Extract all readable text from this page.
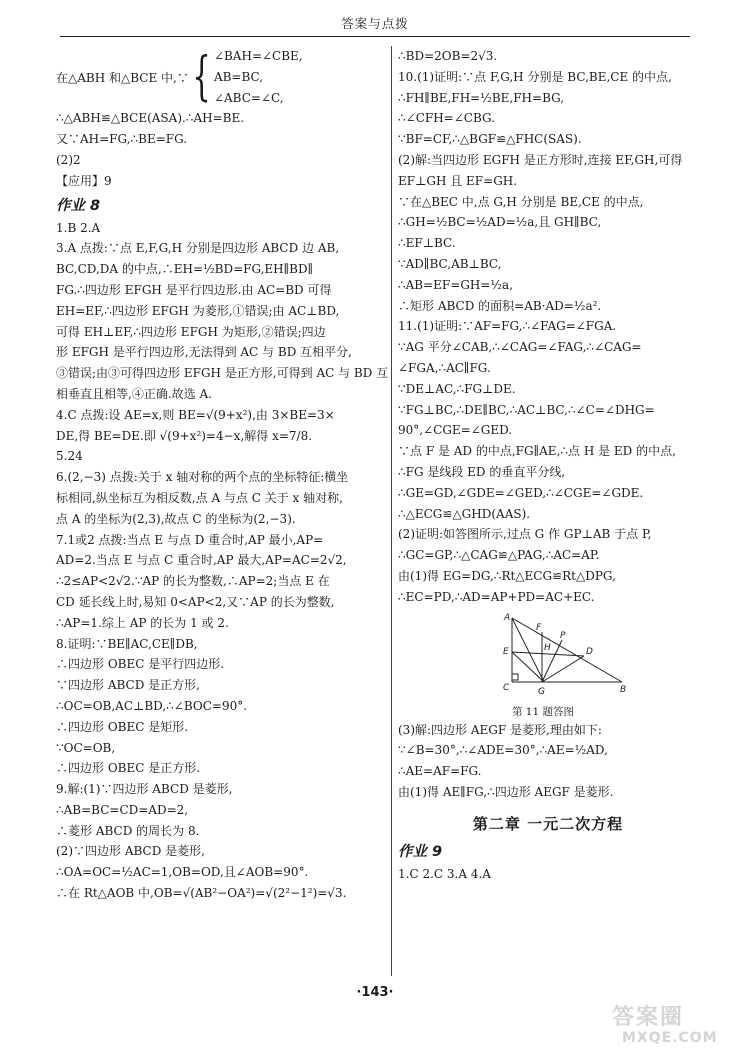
答案与点拨
在△ABH 和△BCE 中,∵ { ∠BAH=∠CBE,
AB=BC,
∠ABC=∠C,
∴△ABH≌△BCE(ASA).∴AH=BE.
又∵AH=FG,∴BE=FG.
(2)2
【应用】9
作业 8
1.B 2.A
3.A 点拨:∵点 E,F,G,H 分别是四边形 ABCD 边 AB,
BC,CD,DA 的中点,∴EH=½BD=FG,EH∥BD∥
FG.∴四边形 EFGH 是平行四边形.由 AC=BD 可得
EH=EF,∴四边形 EFGH 为菱形,①错误;由 AC⊥BD,
可得 EH⊥EF,∴四边形 EFGH 为矩形,②错误;四边
形 EFGH 是平行四边形,无法得到 AC 与 BD 互相平分,
③错误;由③可得四边形 EFGH 是正方形,可得到 AC 与 BD 互
相垂直且相等,④正确.故选 A.
4.C 点拨:设 AE=x,则 BE=√(9+x²),由 3×BE=3×
DE,得 BE=DE.即 √(9+x²)=4−x,解得 x=7/8.
5.24
6.(2,−3) 点拨:关于 x 轴对称的两个点的坐标特征:横坐
标相同,纵坐标互为相反数,点 A 与点 C 关于 x 轴对称,
点 A 的坐标为(2,3),故点 C 的坐标为(2,−3).
7.1或2 点拨:当点 E 与点 D 重合时,AP 最小,AP=
AD=2.当点 E 与点 C 重合时,AP 最大,AP=AC=2√2,
∴2≤AP<2√2.∵AP 的长为整数,∴AP=2;当点 E 在
CD 延长线上时,易知 0<AP<2,又∵AP 的长为整数,
∴AP=1.综上 AP 的长为 1 或 2.
8.证明:∵BE∥AC,CE∥DB,
∴四边形 OBEC 是平行四边形.
∵四边形 ABCD 是正方形,
∴OC=OB,AC⊥BD,∴∠BOC=90°.
∴四边形 OBEC 是矩形.
∵OC=OB,
∴四边形 OBEC 是正方形.
9.解:(1)∵四边形 ABCD 是菱形,
∴AB=BC=CD=AD=2,
∴菱形 ABCD 的周长为 8.
(2)∵四边形 ABCD 是菱形,
∴OA=OC=½AC=1,OB=OD,且∠AOB=90°.
∴在 Rt△AOB 中,OB=√(AB²−OA²)=√(2²−1²)=√3.
∴BD=2OB=2√3.
10.(1)证明:∵点 F,G,H 分别是 BC,BE,CE 的中点,
∴FH∥BE,FH=½BE,FH=BG,
∴∠CFH=∠CBG.
∵BF=CF,∴△BGF≌△FHC(SAS).
(2)解:当四边形 EGFH 是正方形时,连接 EF,GH,可得
EF⊥GH 且 EF=GH.
∵在△BEC 中,点 G,H 分别是 BE,CE 的中点,
∴GH=½BC=½AD=½a,且 GH∥BC,
∴EF⊥BC.
∵AD∥BC,AB⊥BC,
∴AB=EF=GH=½a,
∴矩形 ABCD 的面积=AB·AD=½a².
11.(1)证明:∵AF=FG,∴∠FAG=∠FGA.
∵AG 平分∠CAB,∴∠CAG=∠FAG,∴∠CAG=
∠FGA,∴AC∥FG.
∵DE⊥AC,∴FG⊥DE.
∵FG⊥BC,∴DE∥BC,∴AC⊥BC,∴∠C=∠DHG=
90°,∠CGE=∠GED.
∵点 F 是 AD 的中点,FG∥AE,∴点 H 是 ED 的中点,
∴FG 是线段 ED 的垂直平分线,
∴GE=GD,∠GDE=∠GED,∴∠CGE=∠GDE.
∴△ECG≌△GHD(AAS).
(2)证明:如答图所示,过点 G 作 GP⊥AB 于点 P,
∴GC=GP,∴△CAG≌△PAG,∴AC=AP.
由(1)得 EG=DG,∴Rt△ECG≌Rt△DPG,
∴EC=PD,∴AD=AP+PD=AC+EC.
A
F
P
H	D
E
C	G	B
第 11 题答图
(3)解:四边形 AEGF 是菱形,理由如下:
∵∠B=30°,∴∠ADE=30°,∴AE=½AD,
∴AE=AF=FG.
由(1)得 AE∥FG,∴四边形 AEGF 是菱形.
第二章 一元二次方程
作业 9
1.C 2.C 3.A 4.A
·143·
答案圈
MXQE.COM
